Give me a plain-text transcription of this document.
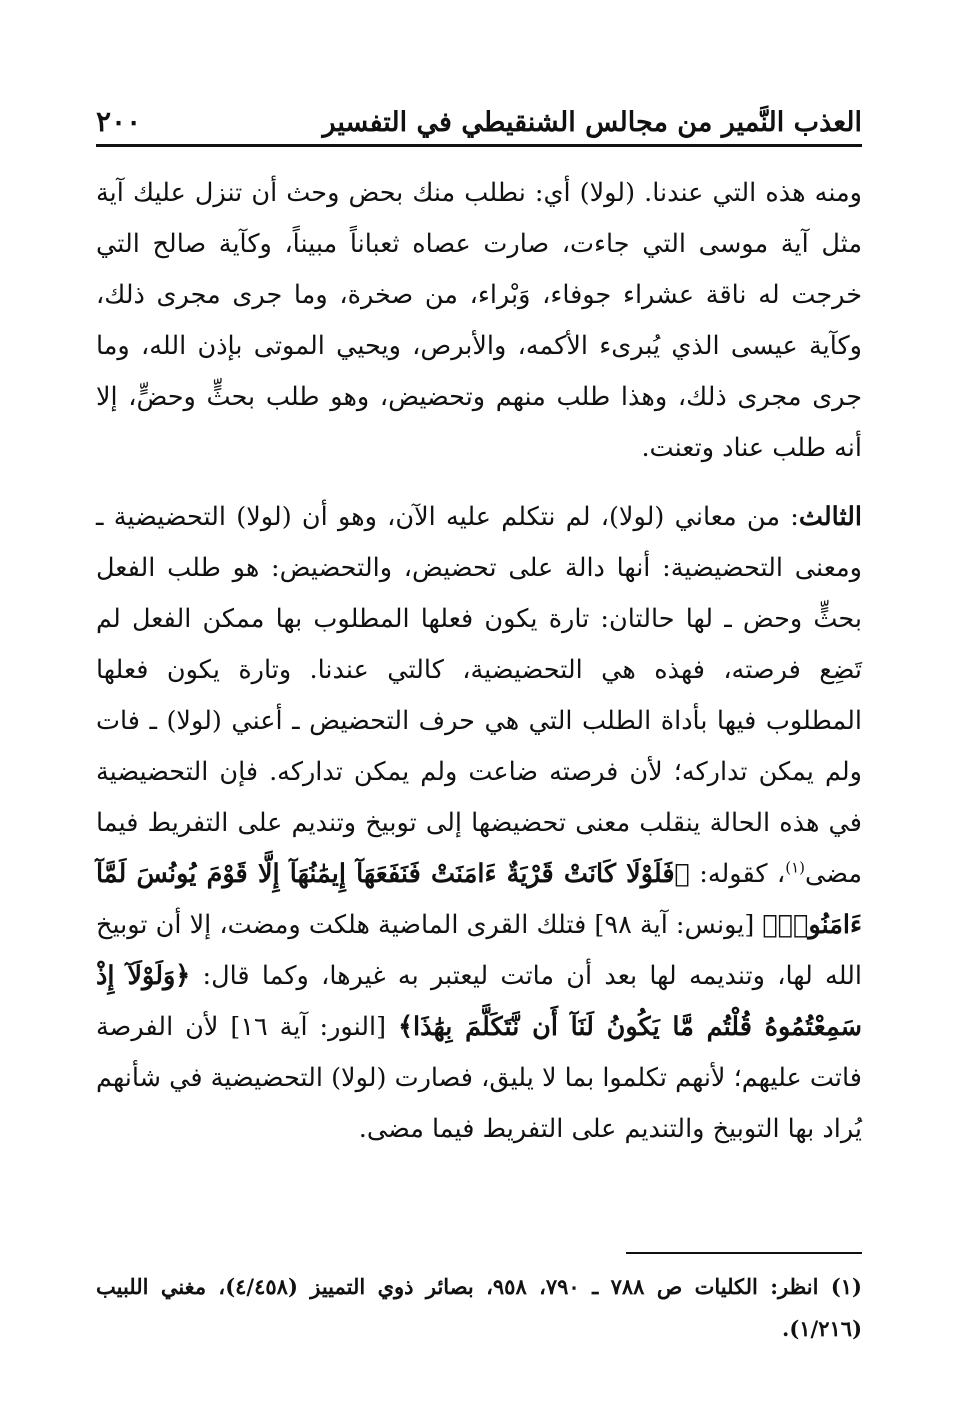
العذب النَّمير من مجالس الشنقيطي في التفسير
٢٠٠

ومنه هذه التي عندنا. (لولا) أي: نطلب منك بحض وحث أن تنزل عليك آية مثل آية موسى التي جاءت، صارت عصاه ثعباناً مبيناً، وكآية صالح التي خرجت له ناقة عشراء جوفاء، وَبْراء، من صخرة، وما جرى مجرى ذلك، وكآية عيسى الذي يُبرىء الأكمه، والأبرص، ويحيي الموتى بإذن الله، وما جرى مجرى ذلك، وهذا طلب منهم وتحضيض، وهو طلب بحثٍّ وحضٍّ، إلا أنه طلب عناد وتعنت.

الثالث: من معاني (لولا)، لم نتكلم عليه الآن، وهو أن (لولا) التحضيضية ـ ومعنى التحضيضية: أنها دالة على تحضيض، والتحضيض: هو طلب الفعل بحثٍّ وحض ـ لها حالتان: تارة يكون فعلها المطلوب بها ممكن الفعل لم تَضِع فرصته، فهذه هي التحضيضية، كالتي عندنا. وتارة يكون فعلها المطلوب فيها بأداة الطلب التي هي حرف التحضيض ـ أعني (لولا) ـ فات ولم يمكن تداركه؛ لأن فرصته ضاعت ولم يمكن تداركه. فإن التحضيضية في هذه الحالة ينقلب معنى تحضيضها إلى توبيخ وتنديم على التفريط فيما مضى$^{(١)}$، كقوله: ﴿فَلَوْلَا كَانَتْ قَرْيَةٌ ءَامَنَتْ فَنَفَعَهَآ إِيمَٰنُهَآ إِلَّا قَوْمَ يُونُسَ لَمَّآ ءَامَنُوا۟﴾ [يونس: آية ٩٨] فتلك القرى الماضية هلكت ومضت، إلا أن توبيخ الله لها، وتنديمه لها بعد أن ماتت ليعتبر به غيرها، وكما قال: ﴿وَلَوْلَآ إِذْ سَمِعْتُمُوهُ قُلْتُم مَّا يَكُونُ لَنَآ أَن نَّتَكَلَّمَ بِهَٰذَا﴾ [النور: آية ١٦] لأن الفرصة فاتت عليهم؛ لأنهم تكلموا بما لا يليق، فصارت (لولا) التحضيضية في شأنهم يُراد بها التوبيخ والتنديم على التفريط فيما مضى.

(١) انظر: الكليات ص ٧٨٨ ـ ٧٩٠، ٩٥٨، بصائر ذوي التمييز (٤/٤٥٨)، مغني اللبيب (١/٢١٦).
